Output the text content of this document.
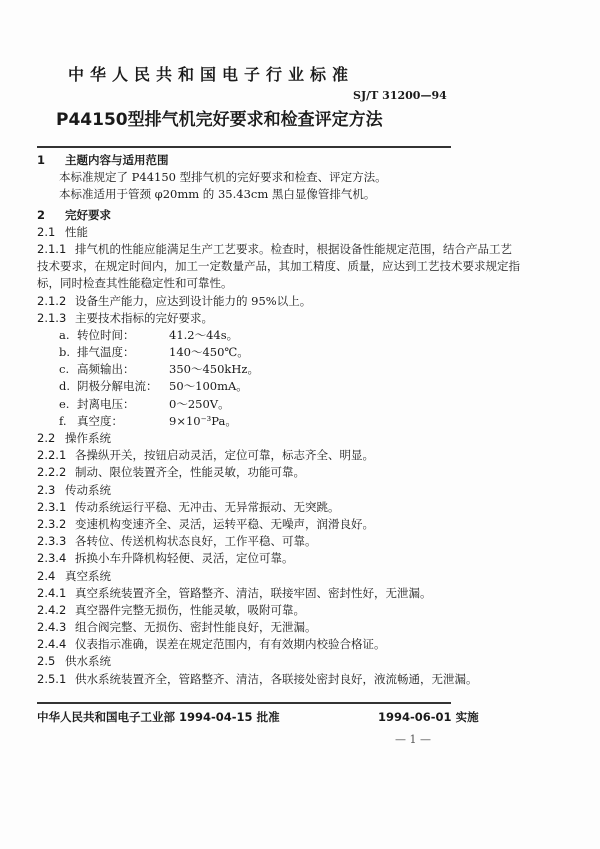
中华人民共和国电子行业标准
SJ/T 31200—94
P44150型排气机完好要求和检查评定方法
1 主题内容与适用范围
本标准规定了 P44150 型排气机的完好要求和检查、评定方法。
本标准适用于管颈 φ20mm 的 35.43cm 黑白显像管排气机。
2 完好要求
2.1 性能
2.1.1 排气机的性能应能满足生产工艺要求。检查时，根据设备性能规定范围，结合产品工艺
技术要求，在规定时间内，加工一定数量产品，其加工精度、质量，应达到工艺技术要求规定指
标，同时检查其性能稳定性和可靠性。
2.1.2 设备生产能力，应达到设计能力的 95%以上。
2.1.3 主要技术指标的完好要求。
a. 转位时间：	41.2～44s。
b. 排气温度：	140～450℃。
c. 高频输出：	350～450kHz。
d. 阴极分解电流： 50～100mA。
e. 封离电压：	0～250V。
f. 真空度：	9×10⁻³Pa。
2.2 操作系统
2.2.1 各操纵开关，按钮启动灵活，定位可靠，标志齐全、明显。
2.2.2 制动、限位装置齐全，性能灵敏，功能可靠。
2.3 传动系统
2.3.1 传动系统运行平稳、无冲击、无异常振动、无突跳。
2.3.2 变速机构变速齐全、灵活，运转平稳、无噪声，润滑良好。
2.3.3 各转位、传送机构状态良好，工作平稳、可靠。
2.3.4 拆换小车升降机构轻便、灵活，定位可靠。
2.4 真空系统
2.4.1 真空系统装置齐全，管路整齐、清洁，联接牢固、密封性好，无泄漏。
2.4.2 真空器件完整无损伤，性能灵敏，吸附可靠。
2.4.3 组合阀完整、无损伤、密封性能良好，无泄漏。
2.4.4 仪表指示准确，误差在规定范围内，有有效期内校验合格证。
2.5 供水系统
2.5.1 供水系统装置齐全，管路整齐、清洁，各联接处密封良好，液流畅通，无泄漏。
中华人民共和国电子工业部 1994-04-15 批准	1994-06-01 实施
— 1 —
